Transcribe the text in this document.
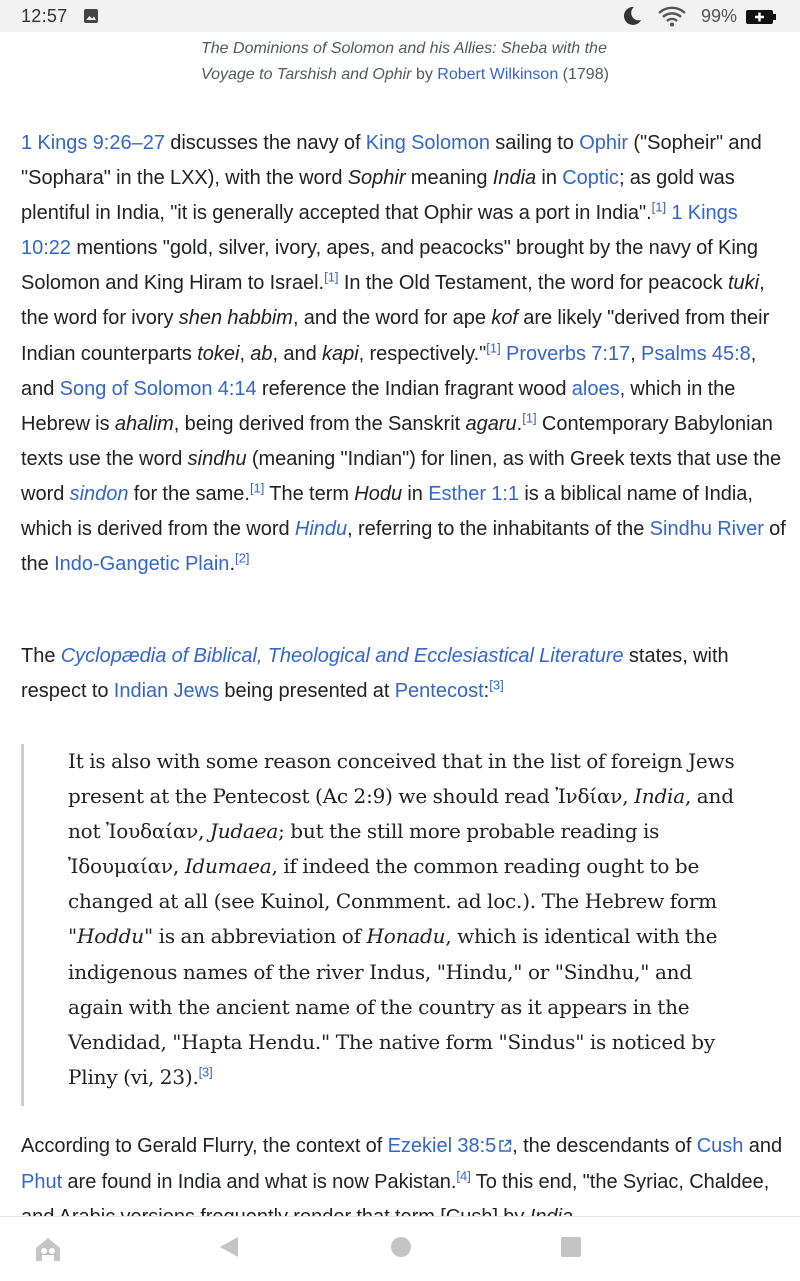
12:57	99%
The Dominions of Solomon and his Allies: Sheba with the Voyage to Tarshish and Ophir by Robert Wilkinson (1798)
1 Kings 9:26–27 discusses the navy of King Solomon sailing to Ophir ("Sopheir" and "Sophara" in the LXX), with the word Sophir meaning India in Coptic; as gold was plentiful in India, "it is generally accepted that Ophir was a port in India".[1] 1 Kings 10:22 mentions "gold, silver, ivory, apes, and peacocks" brought by the navy of King Solomon and King Hiram to Israel.[1] In the Old Testament, the word for peacock tuki, the word for ivory shen habbim, and the word for ape kof are likely "derived from their Indian counterparts tokei, ab, and kapi, respectively."[1] Proverbs 7:17, Psalms 45:8, and Song of Solomon 4:14 reference the Indian fragrant wood aloes, which in the Hebrew is ahalim, being derived from the Sanskrit agaru.[1] Contemporary Babylonian texts use the word sindhu (meaning "Indian") for linen, as with Greek texts that use the word sindon for the same.[1] The term Hodu in Esther 1:1 is a biblical name of India, which is derived from the word Hindu, referring to the inhabitants of the Sindhu River of the Indo-Gangetic Plain.[2]
The Cyclopædia of Biblical, Theological and Ecclesiastical Literature states, with respect to Indian Jews being presented at Pentecost:[3]
It is also with some reason conceived that in the list of foreign Jews present at the Pentecost (Ac 2:9) we should read Ἰνδίαν, India, and not Ἰουδαίαν, Judaea; but the still more probable reading is Ἰδουμαίαν, Idumaea, if indeed the common reading ought to be changed at all (see Kuinol, Conmment. ad loc.). The Hebrew form "Hoddu" is an abbreviation of Honadu, which is identical with the indigenous names of the river Indus, "Hindu," or "Sindhu," and again with the ancient name of the country as it appears in the Vendidad, "Hapta Hendu." The native form "Sindus" is noticed by Pliny (vi, 23).[3]
According to Gerald Flurry, the context of Ezekiel 38:5 , the descendants of Cush and Phut are found in India and what is now Pakistan.[4] To this end, "the Syriac, Chaldee,
